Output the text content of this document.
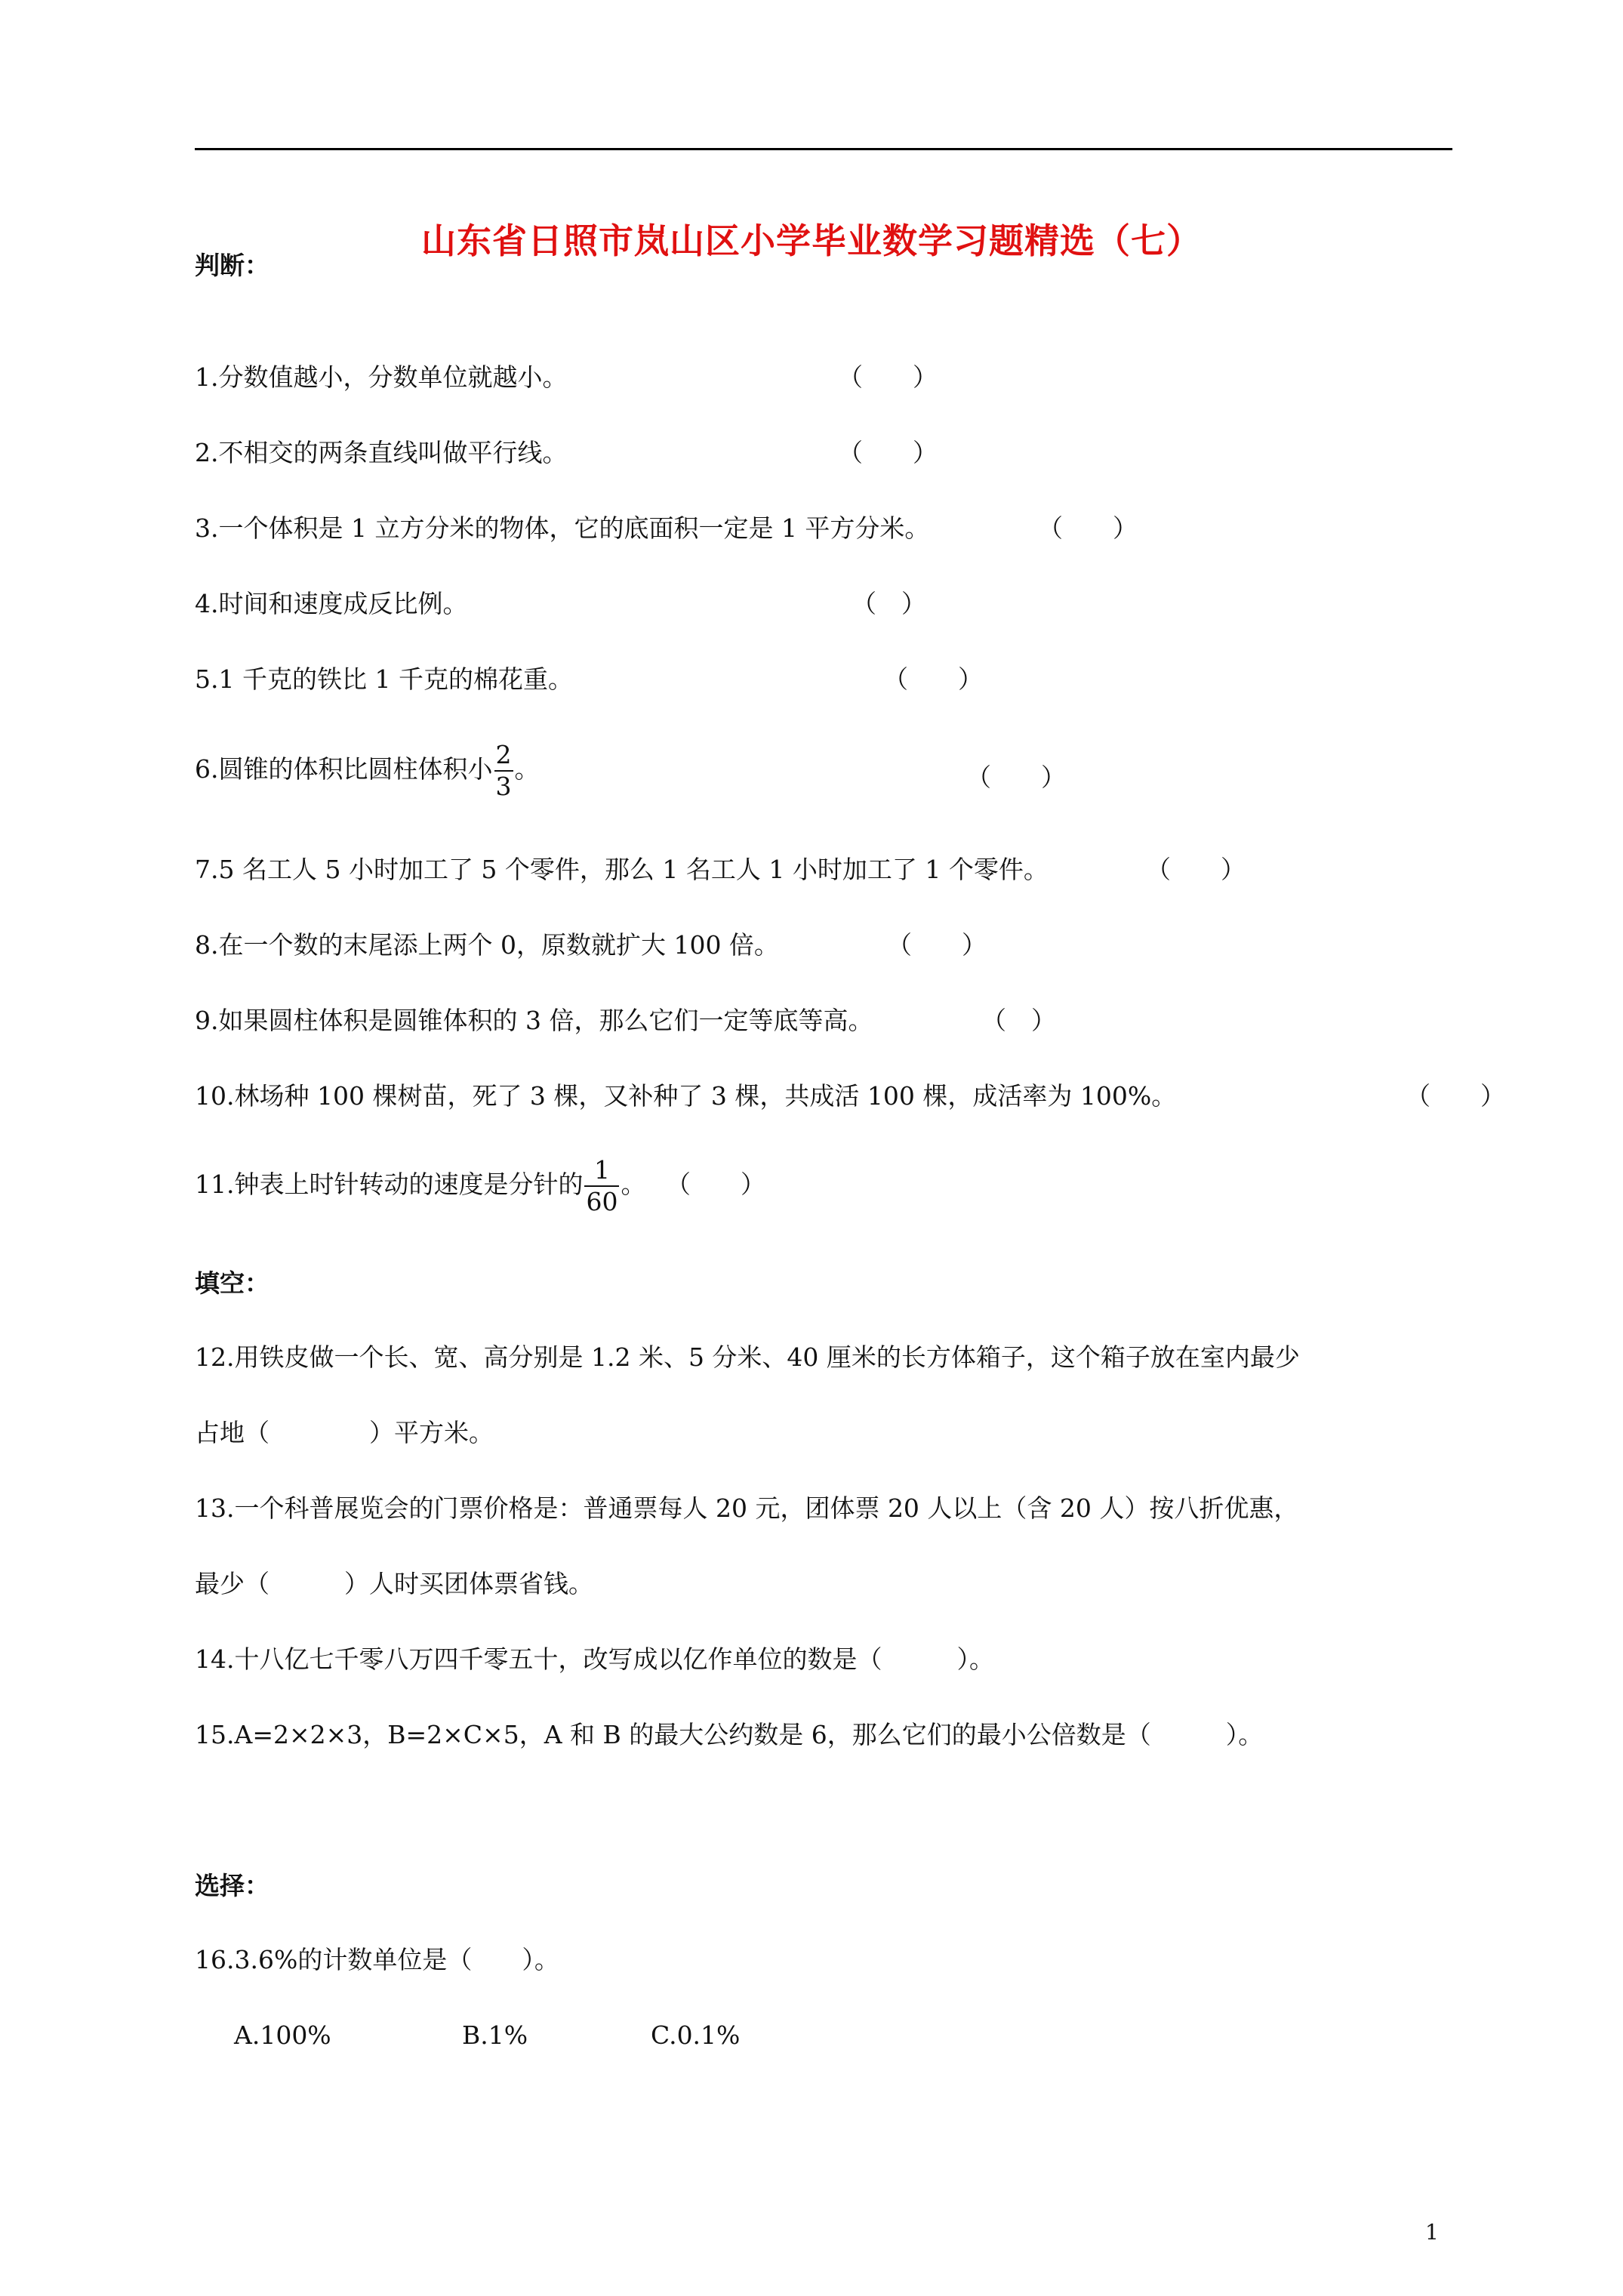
山东省日照市岚山区小学毕业数学习题精选（七）
判断：
1.分数值越小，分数单位就越小。	（　　）
2.不相交的两条直线叫做平行线。	（　　）
3.一个体积是 1 立方分米的物体，它的底面积一定是 1 平方分米。	（　　）
4.时间和速度成反比例。	（　）
5.1 千克的铁比 1 千克的棉花重。	（　　）
6.圆锥的体积比圆柱体积小 $\frac{2}{3}$ 。	（　　）
7.5 名工人 5 小时加工了 5 个零件，那么 1 名工人 1 小时加工了 1 个零件。	（　　）
8.在一个数的末尾添上两个 0，原数就扩大 100 倍。	（　　）
9.如果圆柱体积是圆锥体积的 3 倍，那么它们一定等底等高。	（　）
10.林场种 100 棵树苗，死了 3 棵，又补种了 3 棵，共成活 100 棵，成活率为 100%。	（　　）
11.钟表上时针转动的速度是分针的 $\frac{1}{60}$ 。 （　　）
填空：
12.用铁皮做一个长、宽、高分别是 1.2 米、5 分米、40 厘米的长方体箱子，这个箱子放在室内最少
占地（　　　　）平方米。
13.一个科普展览会的门票价格是：普通票每人 20 元，团体票 20 人以上（含 20 人）按八折优惠，
最少（　　　）人时买团体票省钱。
14.十八亿七千零八万四千零五十，改写成以亿作单位的数是（　　　）。
15.A=2×2×3，B=2×C×5，A 和 B 的最大公约数是 6，那么它们的最小公倍数是（　　　）。
选择：
16.3.6%的计数单位是（　　）。
A.100%	B.1%	C.0.1%
1
